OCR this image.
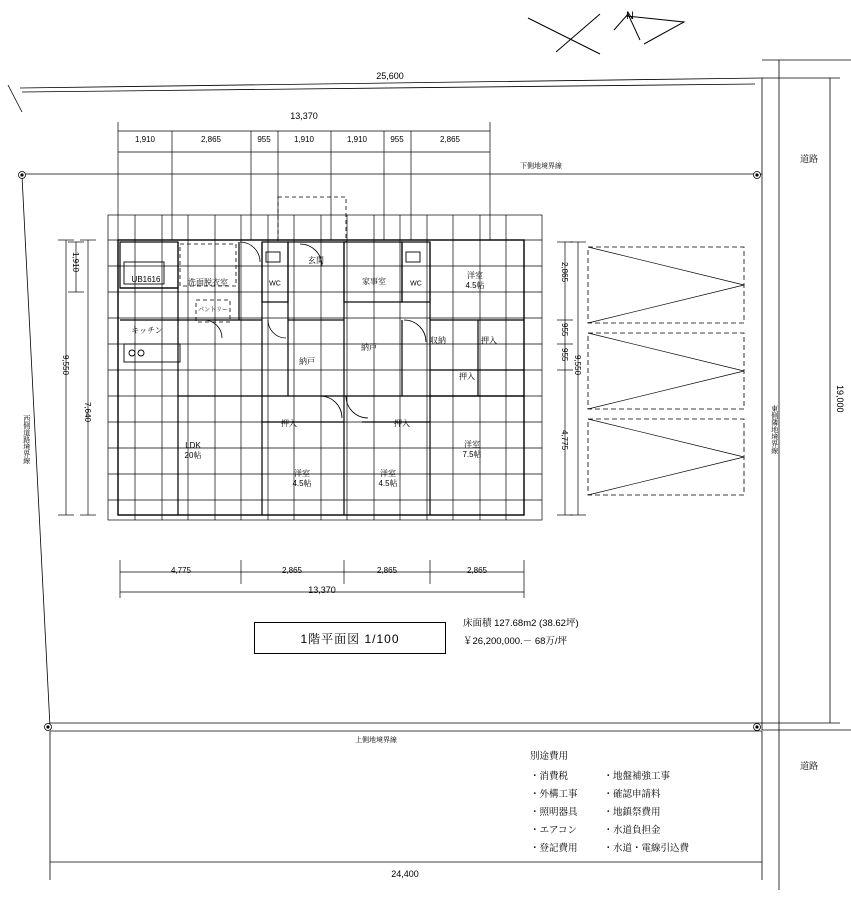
25,600
24,400
19,000
道路
道路
下側地境界線
上側地境界線
西側道路境界線	東側隣地境界線
13,370
1,910	2,865	955	1,910	1,910	955	2,865
9,550
7,640
1,910	2,865
955
955
4,775
9,550
4,775	2,865	2,865	2,865
13,370
N
UB1616	洗面脱衣室
キッチン
パントリー
WC
玄関
家事室	WC
洋室
4.5帖
納戸
納戸
収納	押入
押入
押入	押入
LDK
20帖
洋室
4.5帖
洋室
4.5帖
洋室
7.5帖
1階平面図 1/100
床面積 127.68m2 (38.62坪)
￥26,200,000.－ 68万/坪
別途費用
・消費税
・外構工事
・照明器具
・エアコン
・登記費用
・地盤補強工事
・確認申請料
・地鎮祭費用
・水道負担金
・水道・電線引込費
